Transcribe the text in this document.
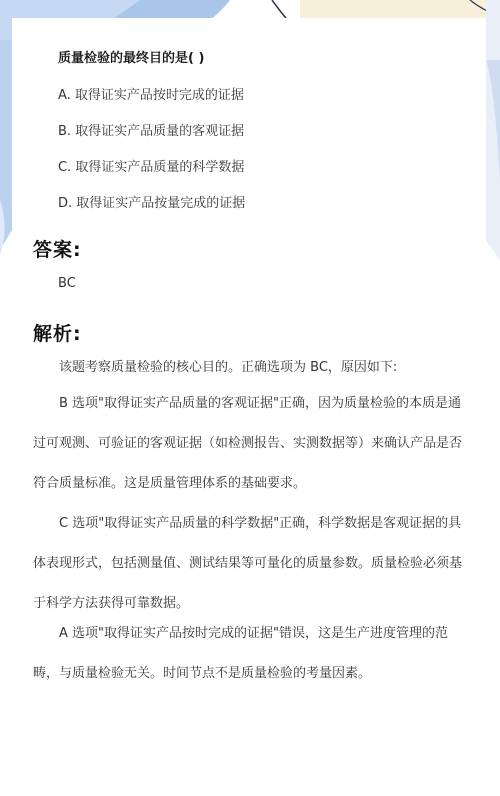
质量检验的最终目的是( )
A. 取得证实产品按时完成的证据
B. 取得证实产品质量的客观证据
C. 取得证实产品质量的科学数据
D. 取得证实产品按量完成的证据
答案:
BC
解析:

该题考察质量检验的核心目的。正确选项为 BC，原因如下:

B 选项"取得证实产品质量的客观证据"正确，因为质量检验的本质是通过可观测、可验证的客观证据（如检测报告、实测数据等）来确认产品是否符合质量标准。这是质量管理体系的基础要求。

C 选项"取得证实产品质量的科学数据"正确，科学数据是客观证据的具体表现形式，包括测量值、测试结果等可量化的质量参数。质量检验必须基于科学方法获得可靠数据。

A 选项"取得证实产品按时完成的证据"错误，这是生产进度管理的范畴，与质量检验无关。时间节点不是质量检验的考量因素。
